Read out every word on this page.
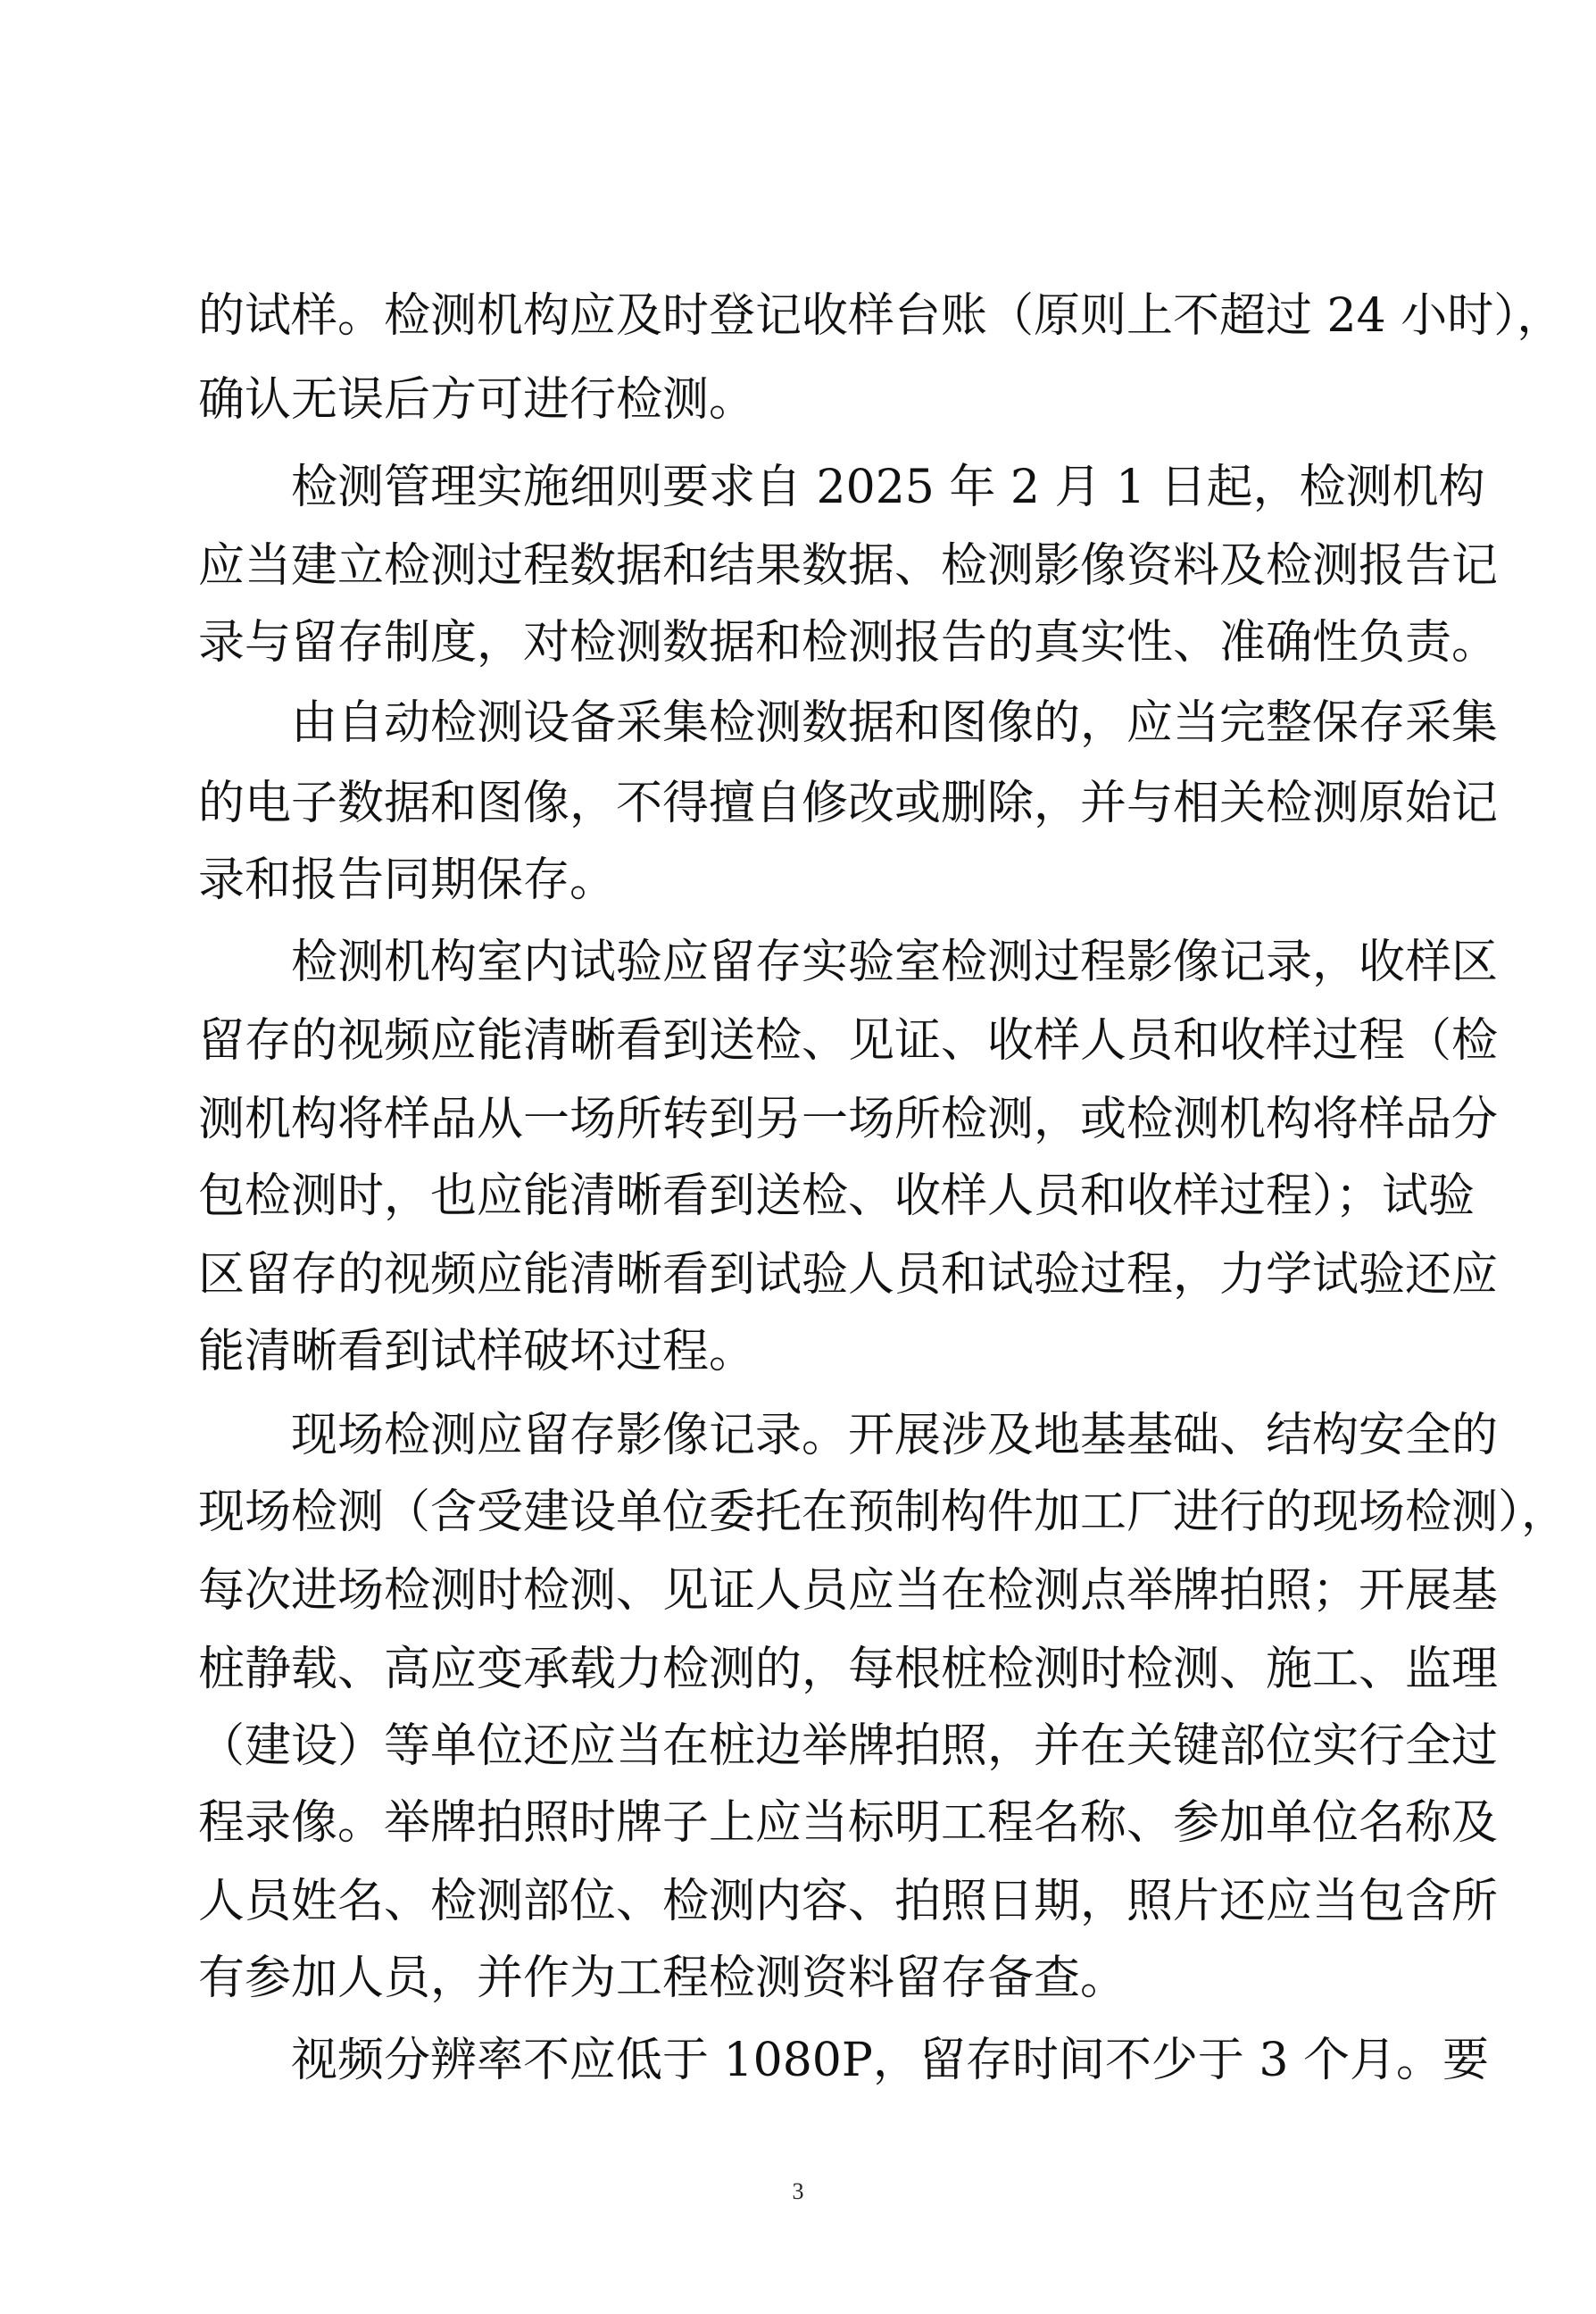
的试样。检测机构应及时登记收样台账（原则上不超过 24 小时），
确认无误后方可进行检测。
　　检测管理实施细则要求自 2025 年 2 月 1 日起，检测机构
应当建立检测过程数据和结果数据、检测影像资料及检测报告记
录与留存制度，对检测数据和检测报告的真实性、准确性负责。
　　由自动检测设备采集检测数据和图像的，应当完整保存采集
的电子数据和图像，不得擅自修改或删除，并与相关检测原始记
录和报告同期保存。
　　检测机构室内试验应留存实验室检测过程影像记录，收样区
留存的视频应能清晰看到送检、见证、收样人员和收样过程（检
测机构将样品从一场所转到另一场所检测，或检测机构将样品分
包检测时，也应能清晰看到送检、收样人员和收样过程）；试验
区留存的视频应能清晰看到试验人员和试验过程，力学试验还应
能清晰看到试样破坏过程。
　　现场检测应留存影像记录。开展涉及地基基础、结构安全的
现场检测（含受建设单位委托在预制构件加工厂进行的现场检测），
每次进场检测时检测、见证人员应当在检测点举牌拍照；开展基
桩静载、高应变承载力检测的，每根桩检测时检测、施工、监理
（建设）等单位还应当在桩边举牌拍照，并在关键部位实行全过
程录像。举牌拍照时牌子上应当标明工程名称、参加单位名称及
人员姓名、检测部位、检测内容、拍照日期，照片还应当包含所
有参加人员，并作为工程检测资料留存备查。
　　视频分辨率不应低于 1080P，留存时间不少于 3 个月。要
3
